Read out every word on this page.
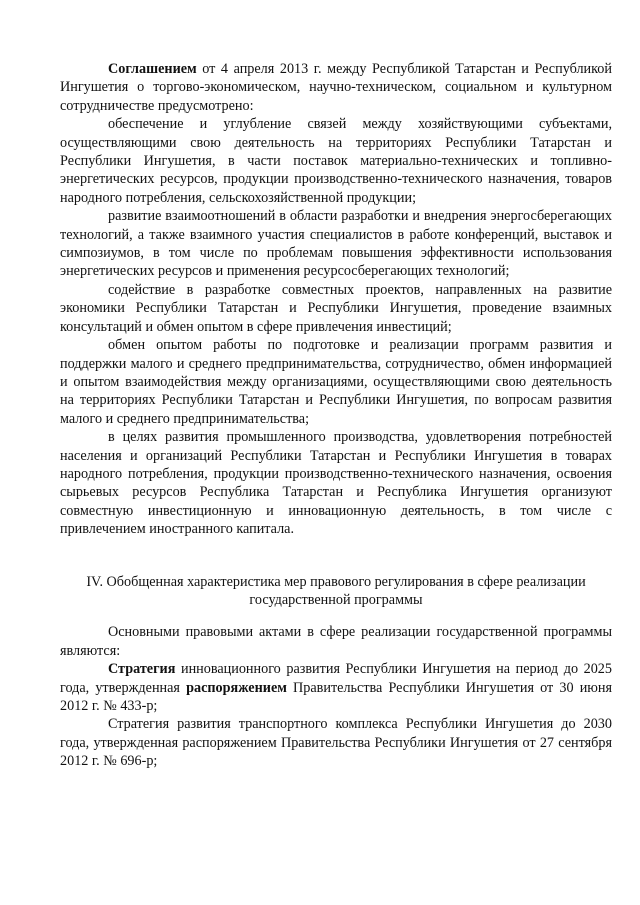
Соглашением от 4 апреля 2013 г. между Республикой Татарстан и Республикой Ингушетия о торгово-экономическом, научно-техническом, социальном и культурном сотрудничестве предусмотрено:

обеспечение и углубление связей между хозяйствующими субъектами, осуществляющими свою деятельность на территориях Республики Татарстан и Республики Ингушетия, в части поставок материально-технических и топливно-энергетических ресурсов, продукции производственно-технического назначения, товаров народного потребления, сельскохозяйственной продукции;

развитие взаимоотношений в области разработки и внедрения энергосберегающих технологий, а также взаимного участия специалистов в работе конференций, выставок и симпозиумов, в том числе по проблемам повышения эффективности использования энергетических ресурсов и применения ресурсосберегающих технологий;

содействие в разработке совместных проектов, направленных на развитие экономики Республики Татарстан и Республики Ингушетия, проведение взаимных консультаций и обмен опытом в сфере привлечения инвестиций;

обмен опытом работы по подготовке и реализации программ развития и поддержки малого и среднего предпринимательства, сотрудничество, обмен информацией и опытом взаимодействия между организациями, осуществляющими свою деятельность на территориях Республики Татарстан и Республики Ингушетия, по вопросам развития малого и среднего предпринимательства;

в целях развития промышленного производства, удовлетворения потребностей населения и организаций Республики Татарстан и Республики Ингушетия в товарах народного потребления, продукции производственно-технического назначения, освоения сырьевых ресурсов Республика Татарстан и Республика Ингушетия организуют совместную инвестиционную и инновационную деятельность, в том числе с привлечением иностранного капитала.

IV. Обобщенная характеристика мер правового регулирования в сфере реализации государственной программы

Основными правовыми актами в сфере реализации государственной программы являются:

Стратегия инновационного развития Республики Ингушетия на период до 2025 года, утвержденная распоряжением Правительства Республики Ингушетия от 30 июня 2012 г. № 433-р;

Стратегия развития транспортного комплекса Республики Ингушетия до 2030 года, утвержденная распоряжением Правительства Республики Ингушетия от 27 сентября 2012 г. № 696-р;
